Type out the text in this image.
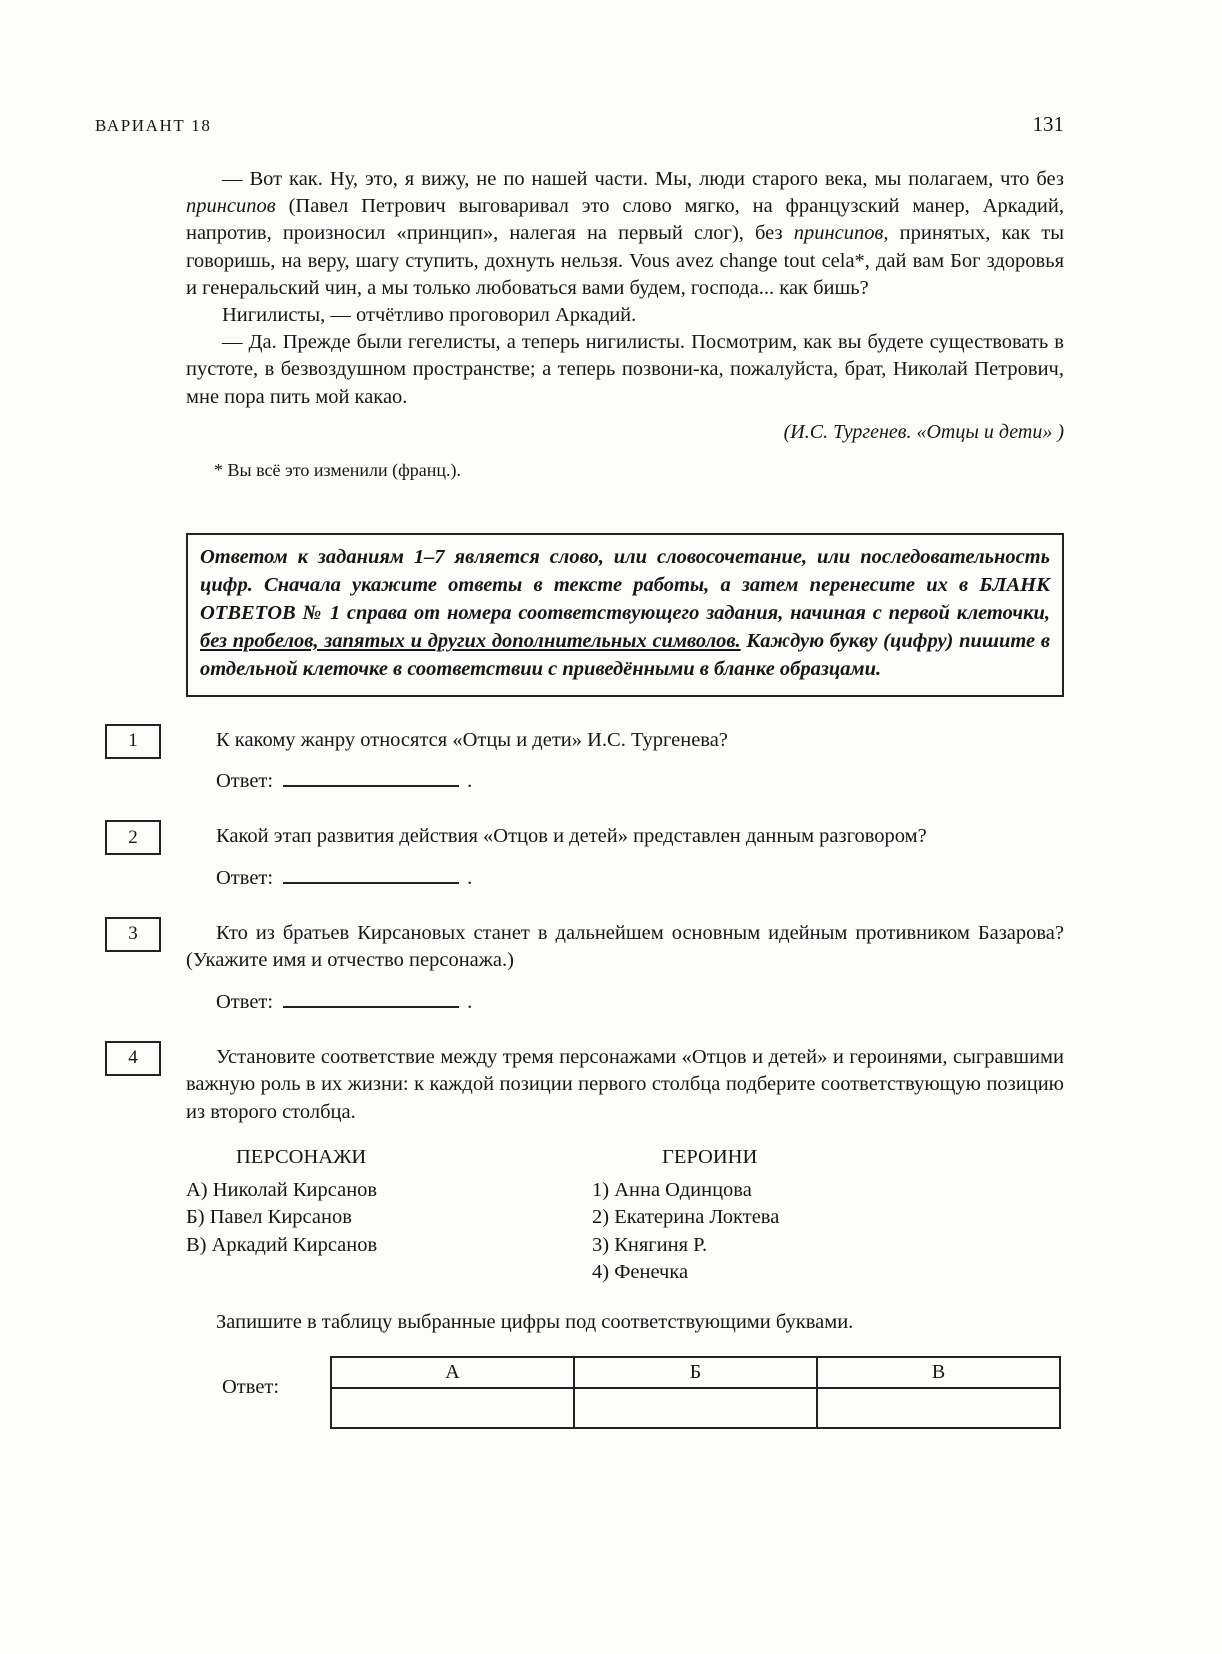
ВАРИАНТ 18	131

— Вот как. Ну, это, я вижу, не по нашей части. Мы, люди старого века, мы полагаем, что без принсипов (Павел Петрович выговаривал это слово мягко, на французский манер, Аркадий, напротив, произносил «принцип», налегая на первый слог), без принсипов, принятых, как ты говоришь, на веру, шагу ступить, дохнуть нельзя. Vous avez change tout cela*, дай вам Бог здоровья и генеральский чин, а мы только любоваться вами будем, господа... как бишь?

Нигилисты, — отчётливо проговорил Аркадий.

— Да. Прежде были гегелисты, а теперь нигилисты. Посмотрим, как вы будете существовать в пустоте, в безвоздушном пространстве; а теперь позвони-ка, пожалуйста, брат, Николай Петрович, мне пора пить мой какао.

(И.С. Тургенев. «Отцы и дети» )
* Вы всё это изменили (франц.).
Ответом к заданиям 1–7 является слово, или словосочетание, или последовательность цифр. Сначала укажите ответы в тексте работы, а затем перенесите их в БЛАНК ОТВЕТОВ № 1 справа от номера соответствующего задания, начиная с первой клеточки, без пробелов, запятых и других дополнительных символов. Каждую букву (цифру) пишите в отдельной клеточке в соответствии с приведёнными в бланке образцами.
1	К какому жанру относятся «Отцы и дети» И.С. Тургенева?

Ответ:	.
2	Какой этап развития действия «Отцов и детей» представлен данным разговором?

Ответ:	.
3	Кто из братьев Кирсановых станет в дальнейшем основным идейным противником Базарова? (Укажите имя и отчество персонажа.)

Ответ:	.
4	Установите соответствие между тремя персонажами «Отцов и детей» и героинями, сыгравшими важную роль в их жизни: к каждой позиции первого столбца подберите соответствующую позицию из второго столбца.

ПЕРСОНАЖИ

А) Николай Кирсанов

Б) Павел Кирсанов

В) Аркадий Кирсанов

ГЕРОИНИ

1) Анна Одинцова

2) Екатерина Локтева

3) Княгиня Р.

4) Фенечка

Запишите в таблицу выбранные цифры под соответствующими буквами.
Ответ:
А	Б	В
